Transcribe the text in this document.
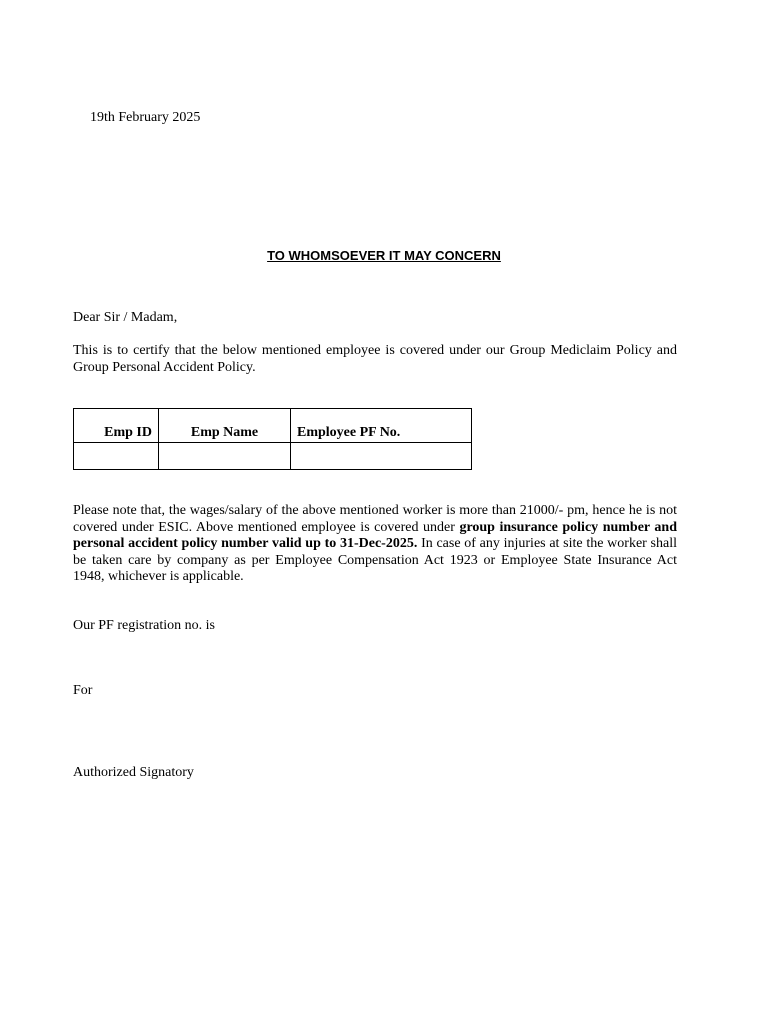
19th February 2025
TO WHOMSOEVER IT MAY CONCERN
Dear Sir / Madam,
This is to certify that the below mentioned employee is covered under our Group Mediclaim Policy and Group Personal Accident Policy.
Emp ID	Emp Name	Employee PF No.

Please note that, the wages/salary of the above mentioned worker is more than 21000/- pm, hence he is not covered under ESIC. Above mentioned employee is covered under group insurance policy number and personal accident policy number valid up to 31-Dec-2025. In case of any injuries at site the worker shall be taken care by company as per Employee Compensation Act 1923 or Employee State Insurance Act 1948, whichever is applicable.
Our PF registration no. is
For
Authorized Signatory
